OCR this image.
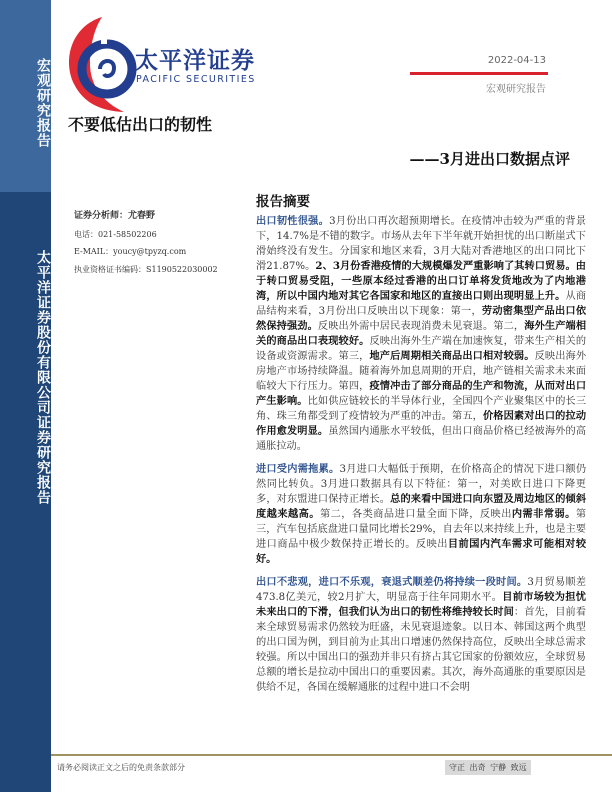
宏观研究报告
太平洋证券股份有限公司证券研究报告
太平洋证券
PACIFIC SECURITIES
2022-04-13
宏观研究报告
不要低估出口的韧性
——3月进出口数据点评
证券分析师：尤春野
电话：021-58502206
E-MAIL：youcy@tpyzq.com
执业资格证书编码：S1190522030002
报告摘要

出口韧性很强。3月份出口再次超预期增长。在疫情冲击较为严重的背景下，14.7%是不错的数字。市场从去年下半年就开始担忧的出口断崖式下滑始终没有发生。分国家和地区来看，3月大陆对香港地区的出口同比下滑21.87%。2、3月份香港疫情的大规模爆发严重影响了其转口贸易。由于转口贸易受阻，一些原本经过香港的出口订单将发货地改为了内地港湾，所以中国内地对其它各国家和地区的直接出口则出现明显上升。从商品结构来看，3月份出口反映出以下现象：第一，劳动密集型产品出口依然保持强劲。反映出外需中居民表现消费未见衰退。第二，海外生产端相关的商品出口表现较好。反映出海外生产端在加速恢复，带来生产相关的设备或资源需求。第三，地产后周期相关商品出口相对较弱。反映出海外房地产市场持续降温。随着海外加息周期的开启，地产链相关需求未来面临较大下行压力。第四，疫情冲击了部分商品的生产和物流，从而对出口产生影响。比如供应链较长的半导体行业，全国四个产业聚集区中的长三角、珠三角都受到了疫情较为严重的冲击。第五，价格因素对出口的拉动作用愈发明显。虽然国内通胀水平较低，但出口商品价格已经被海外的高通胀拉动。

进口受内需拖累。3月进口大幅低于预期，在价格高企的情况下进口额仍然同比转负。3月进口数据具有以下特征：第一，对美欧日进口下降更多，对东盟进口保持正增长。总的来看中国进口向东盟及周边地区的倾斜度越来越高。第二，各类商品进口量全面下降，反映出内需非常弱。第三，汽车包括底盘进口量同比增长29%，自去年以来持续上升，也是主要进口商品中极少数保持正增长的。反映出目前国内汽车需求可能相对较好。

出口不悲观，进口不乐观，衰退式顺差仍将持续一段时间。3月贸易顺差473.8亿美元，较2月扩大，明显高于往年同期水平。目前市场较为担忧未来出口的下滑，但我们认为出口的韧性将维持较长时间：首先，目前看来全球贸易需求仍然较为旺盛，未见衰退迹象。以日本、韩国这两个典型的出口国为例，到目前为止其出口增速仍然保持高位，反映出全球总需求较强。所以中国出口的强劲并非只有挤占其它国家的份额效应，全球贸易总额的增长是拉动中国出口的重要因素。其次，海外高通胀的重要原因是供给不足，各国在缓解通胀的过程中进口不会明

请务必阅读正文之后的免责条款部分	守正 出奇 宁静 致远
